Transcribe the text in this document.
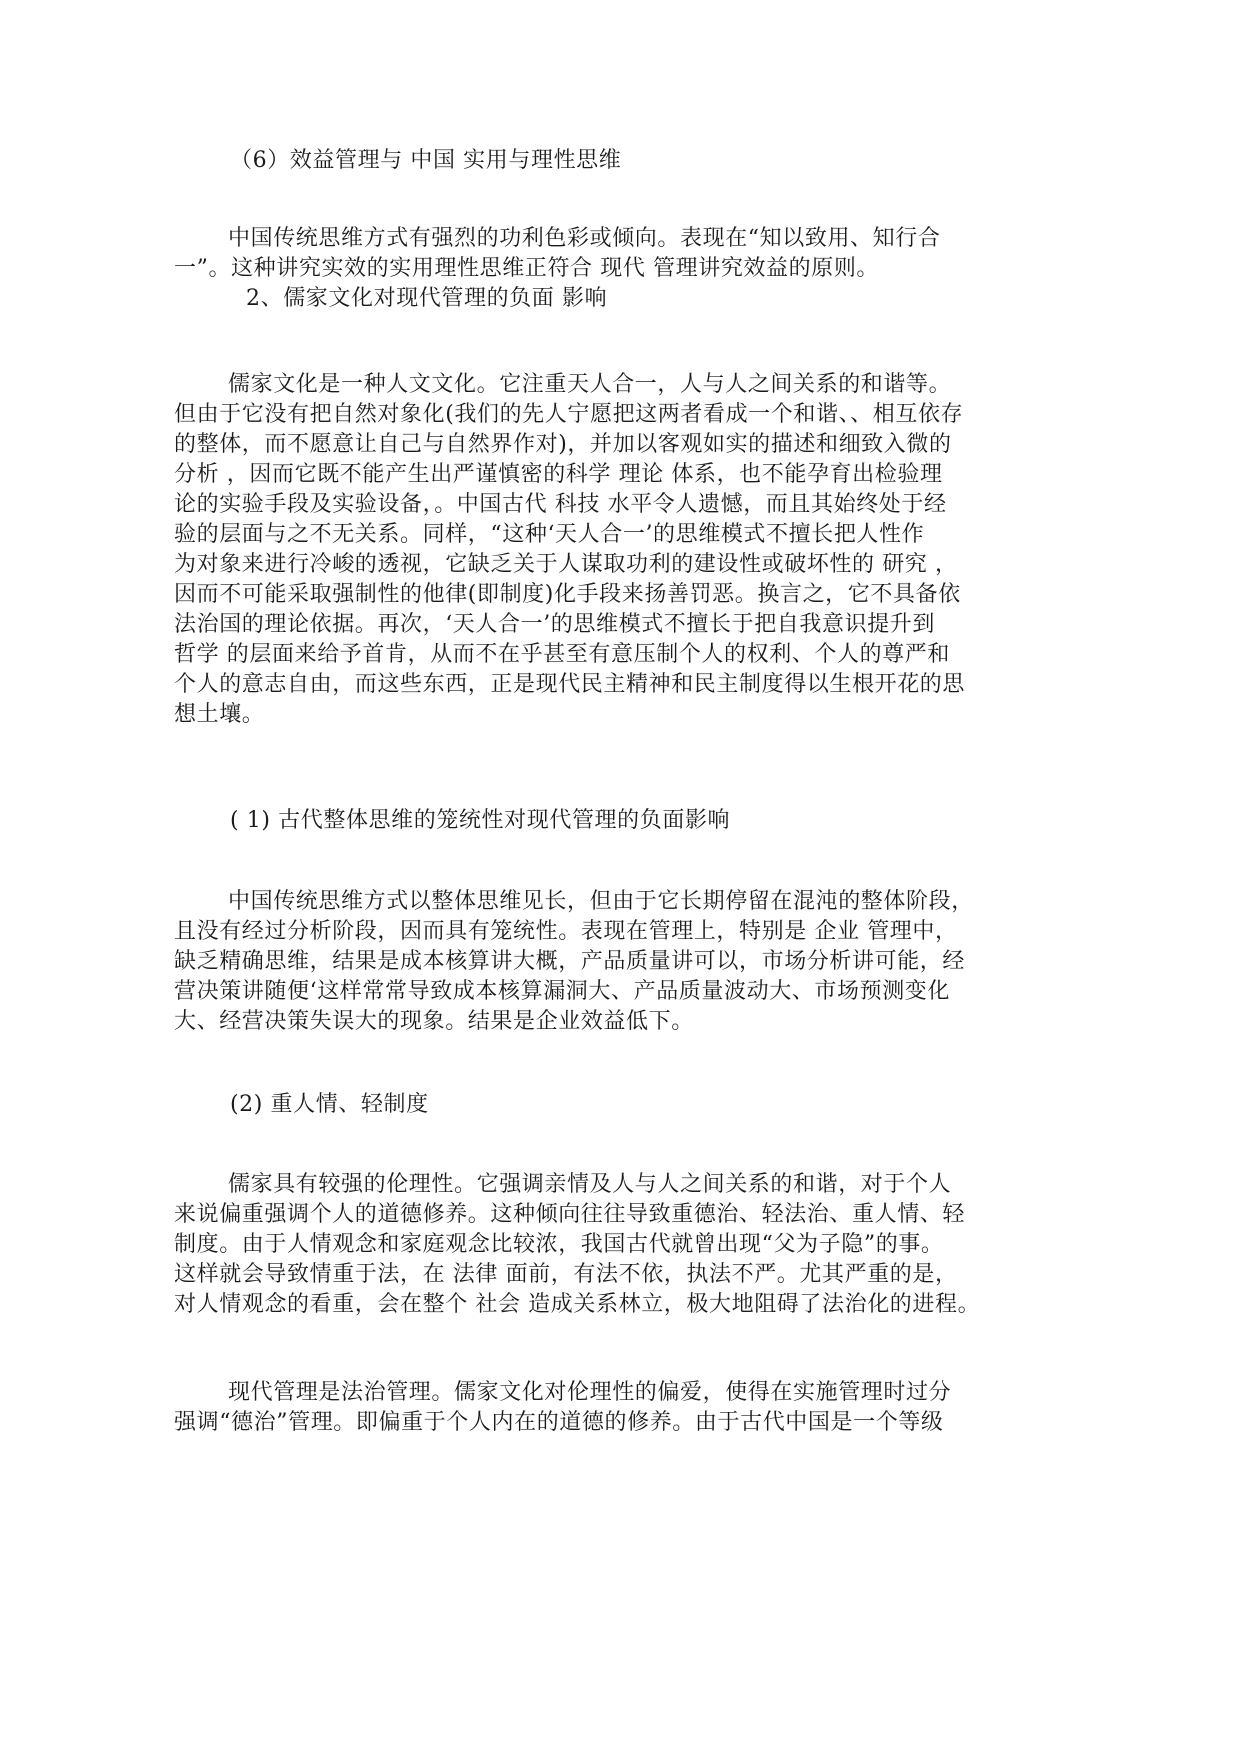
（6）效益管理与 中国 实用与理性思维
中国传统思维方式有强烈的功利色彩或倾向。表现在“知以致用、知行合
一”。这种讲究实效的实用理性思维正符合 现代 管理讲究效益的原则。
2、儒家文化对现代管理的负面 影响
儒家文化是一种人文文化。它注重天人合一，人与人之间关系的和谐等。
但由于它没有把自然对象化(我们的先人宁愿把这两者看成一个和谐、、相互依存
的整体，而不愿意让自己与自然界作对)，并加以客观如实的描述和细致入微的
分析 ，因而它既不能产生出严谨慎密的科学 理论 体系，也不能孕育出检验理
论的实验手段及实验设备，。中国古代 科技 水平令人遗憾，而且其始终处于经
验的层面与之不无关系。同样，“这种‘天人合一’的思维模式不擅长把人性作
为对象来进行冷峻的透视，它缺乏关于人谋取功利的建设性或破坏性的 研究 ，
因而不可能采取强制性的他律(即制度)化手段来扬善罚恶。换言之，它不具备依
法治国的理论依据。再次，‘天人合一’的思维模式不擅长于把自我意识提升到
哲学 的层面来给予首肯，从而不在乎甚至有意压制个人的权利、个人的尊严和
个人的意志自由，而这些东西，正是现代民主精神和民主制度得以生根开花的思
想土壤。
( 1) 古代整体思维的笼统性对现代管理的负面影响
中国传统思维方式以整体思维见长，但由于它长期停留在混沌的整体阶段，
且没有经过分析阶段，因而具有笼统性。表现在管理上，特别是 企业 管理中，
缺乏精确思维，结果是成本核算讲大概，产品质量讲可以，市场分析讲可能，经
营决策讲随便‘这样常常导致成本核算漏洞大、产品质量波动大、市场预测变化
大、经营决策失误大的现象。结果是企业效益低下。
(2) 重人情、轻制度
儒家具有较强的伦理性。它强调亲情及人与人之间关系的和谐，对于个人
来说偏重强调个人的道德修养。这种倾向往往导致重德治、轻法治、重人情、轻
制度。由于人情观念和家庭观念比较浓，我国古代就曾出现“父为子隐”的事。
这样就会导致情重于法，在 法律 面前，有法不依，执法不严。尤其严重的是，
对人情观念的看重，会在整个 社会 造成关系林立，极大地阻碍了法治化的进程。
现代管理是法治管理。儒家文化对伦理性的偏爱，使得在实施管理时过分
强调“德治”管理。即偏重于个人内在的道德的修养。由于古代中国是一个等级
